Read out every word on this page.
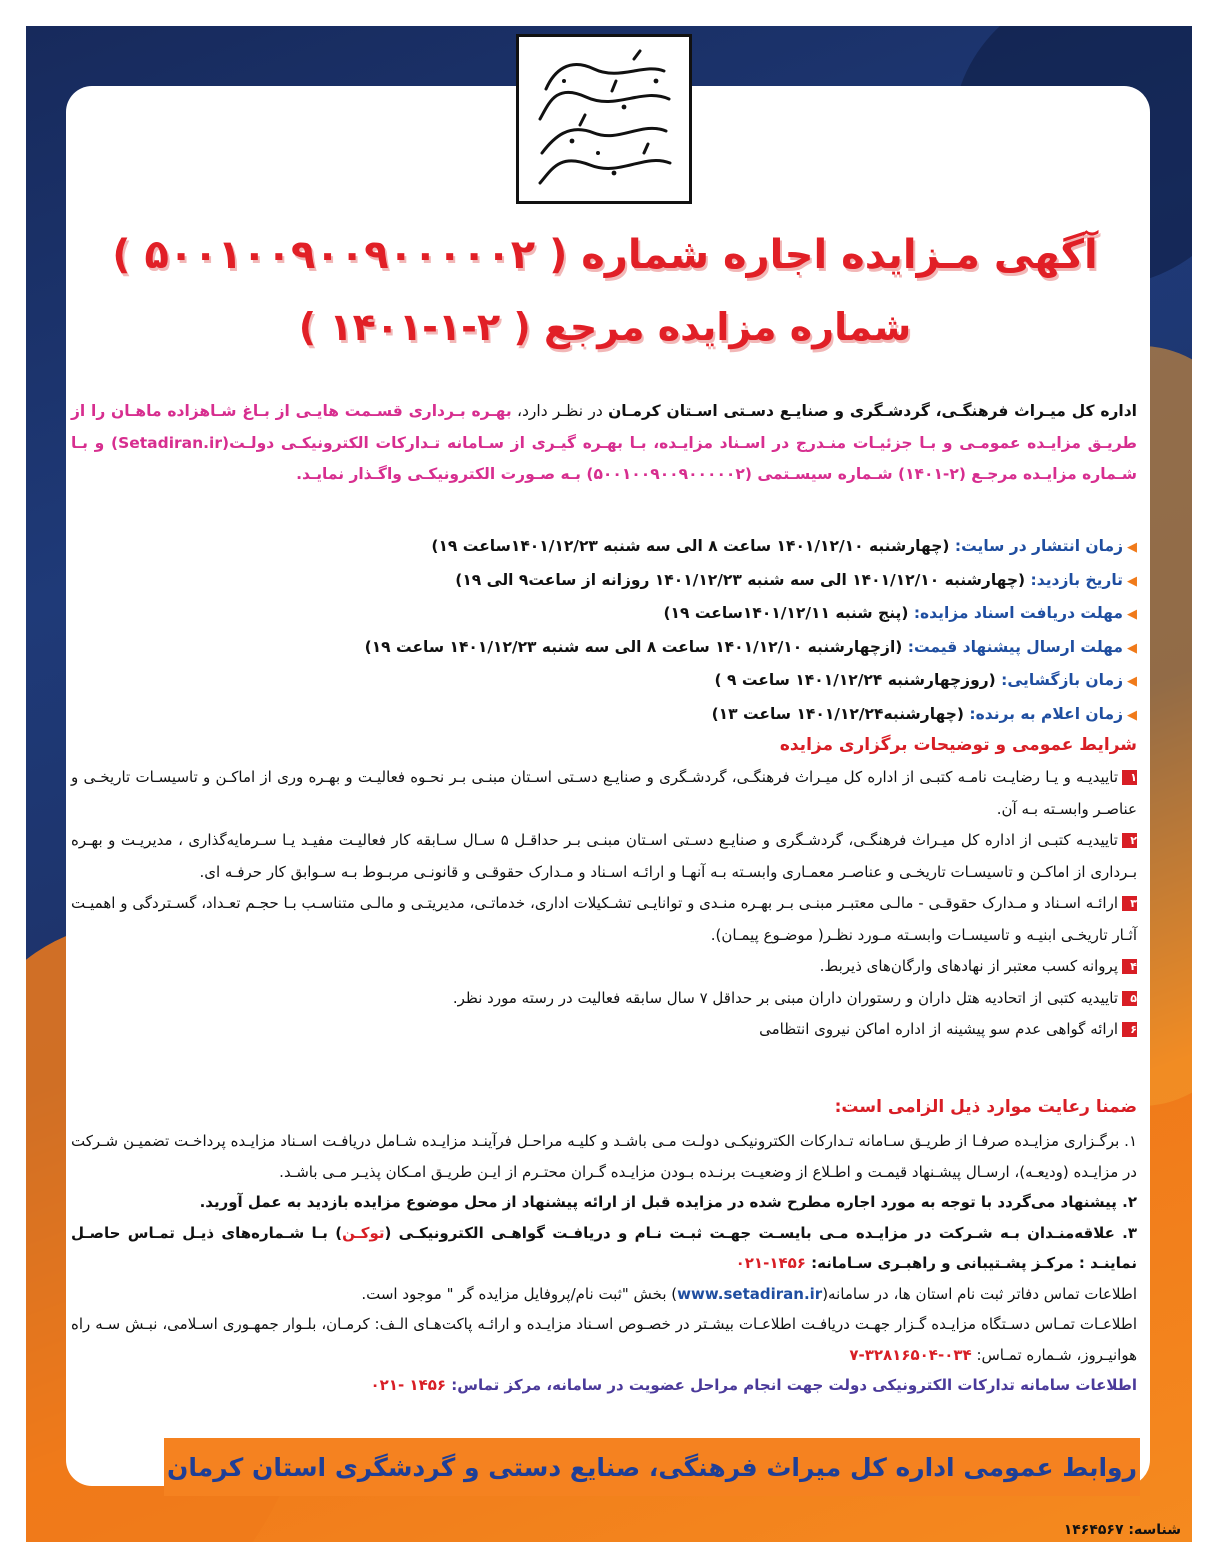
آگهی مـزایده اجاره شماره ( ۵۰۰۱۰۰۹۰۰۹۰۰۰۰۰۲ )
شماره مزایده مرجع ( ۲-۱-۱۴۰۱ )
اداره کل میـراث فرهنگـی، گردشـگری و صنایـع دسـتی اسـتان کرمـان در نظـر دارد، بهـره بـرداری قسـمت هایـی از بـاغ شـاهزاده ماهـان را از طریـق مزایـده عمومـی و بـا جزئیـات منـدرج در اسـناد مزایـده، بـا بهـره گیـری از سـامانه تـدارکات الکترونیکـی دولـت(Setadiran.ir) و بـا شـماره مزایـده مرجـع (۲-۱۴۰۱) شـماره سیسـتمی (۵۰۰۱۰۰۹۰۰۹۰۰۰۰۰۲) بـه صـورت الکترونیکـی واگـذار نمایـد.
◀زمان انتشار در سایت: (چهارشنبه ۱۴۰۱/۱۲/۱۰ ساعت ۸ الی سه شنبه ۱۴۰۱/۱۲/۲۳ساعت ۱۹)
◀تاریخ بازدید: (چهارشنبه ۱۴۰۱/۱۲/۱۰ الی سه شنبه ۱۴۰۱/۱۲/۲۳ روزانه از ساعت۹ الی ۱۹)
◀مهلت دریافت اسناد مزایده: (پنج شنبه ۱۴۰۱/۱۲/۱۱ساعت ۱۹)
◀مهلت ارسال پیشنهاد قیمت: (ازچهارشنبه ۱۴۰۱/۱۲/۱۰ ساعت ۸ الی سه شنبه ۱۴۰۱/۱۲/۲۳ ساعت ۱۹)
◀زمان بازگشایی: (روزچهارشنبه ۱۴۰۱/۱۲/۲۴ ساعت ۹ )
◀زمان اعلام به برنده: (چهارشنبه۱۴۰۱/۱۲/۲۴ ساعت ۱۳)
شرایط عمومی و توضیحات برگزاری مزایده

۱تاییدیـه و یـا رضایـت نامـه کتبـی از اداره کل میـراث فرهنگـی، گردشـگری و صنایـع دسـتی اسـتان مبنـی بـر نحـوه فعالیـت و بهـره وری از اماکـن و تاسیسـات تاریخـی و عناصـر وابسـته بـه آن.

۲تاییدیـه کتبـی از اداره کل میـراث فرهنگـی، گردشـگری و صنایـع دسـتی اسـتان مبنـی بـر حداقـل ۵ سـال سـابقه کار فعالیـت مفیـد یـا سـرمایه‌گذاری ، مدیریـت و بهـره بـرداری از اماکـن و تاسیسـات تاریخـی و عناصـر معمـاری وابسـته بـه آنهـا و ارائـه اسـناد و مـدارک حقوقـی و قانونـی مربـوط بـه سـوابق کار حرفـه ای.

۳ارائـه اسـناد و مـدارک حقوقـی - مالـی معتبـر مبنـی بـر بهـره منـدی و توانایـی تشـکیلات اداری، خدماتـی، مدیریتـی و مالـی متناسـب بـا حجـم تعـداد، گسـتردگی و اهمیـت آثـار تاریخـی ابنیـه و تاسیسـات وابسـته مـورد نظـر( موضـوع پیمـان).

۴پروانه کسب معتبر از نهادهای وارگان‌های ذیربط.

۵تاییدیه کتبی از اتحادیه هتل داران و رستوران داران مبنی بر حداقل ۷ سال سابقه فعالیت در رسته مورد نظر.

۶ارائه گواهی عدم سو پیشینه از اداره اماکن نیروی انتظامی

ضمنا رعایت موارد ذیل الزامی است:

۱. برگـزاری مزایـده صرفـا از طریـق سـامانه تـدارکات الکترونیکـی دولـت مـی باشـد و کلیـه مراحـل فرآینـد مزایـده شـامل دریافـت اسـناد مزایـده پرداخـت تضمیـن شـرکت در مزایـده (ودیعـه)، ارسـال پیشـنهاد قیمـت و اطـلاع از وضعیـت برنـده بـودن مزایـده گـران محتـرم از ایـن طریـق امـکان پذیـر مـی باشـد.

۲. پیشنهاد می‌گردد با توجه به مورد اجاره مطرح شده در مزایده قبل از ارائه پیشنهاد از محل موضوع مزایده بازدید به عمل آورید.

۳. علاقه‌منـدان بـه شـرکت در مزایـده مـی بایسـت جهـت ثبـت نـام و دریافـت گواهـی الکترونیکـی (توکـن) بـا شـماره‌های ذیـل تمـاس حاصـل نماینـد : مرکـز پشـتیبانی و راهبـری سـامانه: ۱۴۵۶-۰۲۱

اطلاعات تماس دفاتر ثبت نام استان ها، در سامانه(www.setadiran.ir) بخش "ثبت نام/پروفایل مزایده گر " موجود است.

اطلاعـات تمـاس دسـتگاه مزایـده گـزار جهـت دریافـت اطلاعـات بیشـتر در خصـوص اسـناد مزایـده و ارائـه پاکت‌هـای الـف: کرمـان، بلـوار جمهـوری اسـلامی، نبـش سـه راه هوانیـروز، شـماره تمـاس: ۰۳۴-۳۲۸۱۶۵۰۴-۷

اطلاعات سامانه تدارکات الکترونیکی دولت جهت انجام مراحل عضویت در سامانه، مرکز تماس: ۱۴۵۶ -۰۲۱

روابط عمومی اداره کل میراث فرهنگی، صنایع دستی و گردشگری استان کرمان
شناسه: ۱۴۶۴۵۶۷
